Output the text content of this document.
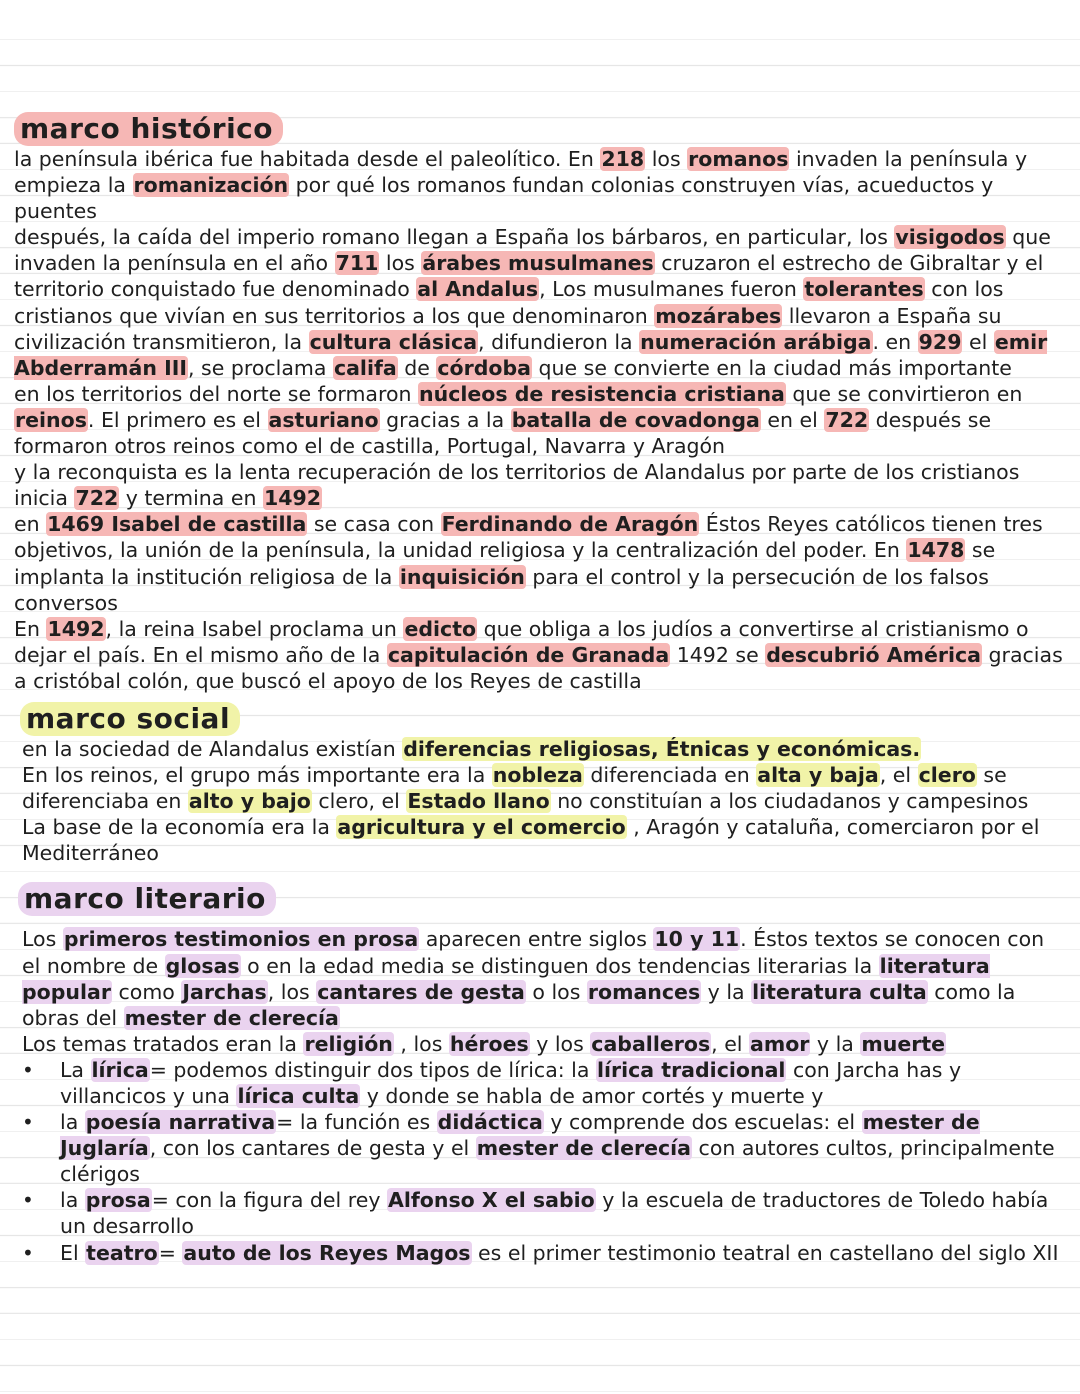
marco histórico

la península ibérica fue habitada desde el paleolítico. En 218 los romanos invaden la península y empieza la romanización por qué los romanos fundan colonias construyen vías, acueductos y puentes

después, la caída del imperio romano llegan a España los bárbaros, en particular, los visigodos que invaden la península en el año 711 los árabes musulmanes cruzaron el estrecho de Gibraltar y el territorio conquistado fue denominado al Andalus, Los musulmanes fueron tolerantes con los cristianos que vivían en sus territorios a los que denominaron mozárabes llevaron a España su civilización transmitieron, la cultura clásica, difundieron la numeración arábiga. en 929 el emir Abderramán III, se proclama califa de córdoba que se convierte en la ciudad más importante

en los territorios del norte se formaron núcleos de resistencia cristiana que se convirtieron en reinos. El primero es el asturiano gracias a la batalla de covadonga en el 722 después se formaron otros reinos como el de castilla, Portugal, Navarra y Aragón

y la reconquista es la lenta recuperación de los territorios de Alandalus por parte de los cristianos inicia 722 y termina en 1492

en 1469 Isabel de castilla se casa con Ferdinando de Aragón Éstos Reyes católicos tienen tres objetivos, la unión de la península, la unidad religiosa y la centralización del poder. En 1478 se implanta la institución religiosa de la inquisición para el control y la persecución de los falsos conversos

En 1492, la reina Isabel proclama un edicto que obliga a los judíos a convertirse al cristianismo o dejar el país. En el mismo año de la capitulación de Granada 1492 se descubrió América gracias a cristóbal colón, que buscó el apoyo de los Reyes de castilla

marco social

en la sociedad de Alandalus existían diferencias religiosas, Étnicas y económicas.

En los reinos, el grupo más importante era la nobleza diferenciada en alta y baja, el clero se diferenciaba en alto y bajo clero, el Estado llano no constituían a los ciudadanos y campesinos

La base de la economía era la agricultura y el comercio , Aragón y cataluña, comerciaron por el Mediterráneo

marco literario

Los primeros testimonios en prosa aparecen entre siglos 10 y 11. Éstos textos se conocen con el nombre de glosas o en la edad media se distinguen dos tendencias literarias la literatura popular como Jarchas, los cantares de gesta o los romances y la literatura culta como la obras del mester de clerecía

Los temas tratados eran la religión , los héroes y los caballeros, el amor y la muerte

• La lírica= podemos distinguir dos tipos de lírica: la lírica tradicional con Jarcha has y villancicos y una lírica culta y donde se habla de amor cortés y muerte y
• la poesía narrativa= la función es didáctica y comprende dos escuelas: el mester de Juglaría, con los cantares de gesta y el mester de clerecía con autores cultos, principalmente clérigos
• la prosa= con la figura del rey Alfonso X el sabio y la escuela de traductores de Toledo había un desarrollo
• El teatro= auto de los Reyes Magos es el primer testimonio teatral en castellano del siglo XII
